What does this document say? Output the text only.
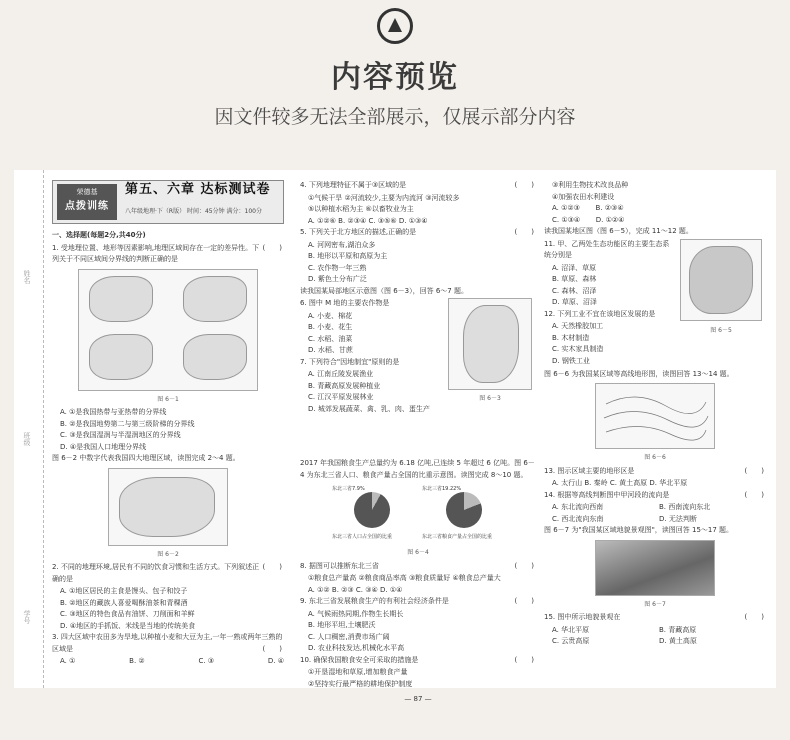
内容预览
因文件较多无法全部展示，仅展示部分内容
姓名
班级
学号
荣德基
点拨训练
第五、六章 达标测试卷
八年级地理·下（R版） 时间：45分钟 满分：100分
一、选择题(每题2分,共40分)
(　　)
1. 受地理位置、地形等因素影响,地理区域间存在一定的差异性。下列关于不同区域间分界线的判断正确的是
图 6－1
A. ①是我国热带与亚热带的分界线
B. ②是我国地势第二与第三级阶梯的分界线
C. ③是我国湿润与半湿润地区的分界线
D. ④是我国人口地理分界线
图 6－2 中数字代表我国四大地理区域，读图完成 2～4 题。
图 6－2
(　　)
2. 不同的地理环境,居民有不同的饮食习惯和生活方式。下列叙述正确的是
A. ①地区居民的主食是馒头、包子和饺子
B. ②地区的藏族人喜爱喝酥油茶和青稞酒
C. ③地区的特色食品有油饼、刀削面和羊鲜
D. ④地区的手抓饭、米线是当地的传统美食
3. 四大区域中农田多为旱地,以种植小麦和大豆为主,一年一熟或两年三熟的区域是	(　　)
A. ①	B. ②	C. ③	D. ④
(　　)
4. 下列地理特征不属于③区域的是
①气候干旱 ②河流较少,主要为内流河 ③河流较多
⑤以种植水稻为主 ⑥以畜牧业为主
A. ①②⑥ B. ②③④ C. ③⑤⑥ D. ①③④
(　　)
5. 下列关于北方地区的描述,正确的是
A. 河网密布,湖泊众多
B. 地形以平原和高原为主
C. 农作物一年三熟
D. 紫色土分布广泛
读我国某局部地区示意图（图 6－3），回答 6～7 题。
6. 图中 M 地的主要农作物是
A. 小麦、棉花
B. 小麦、花生
C. 水稻、油菜
D. 水稻、甘蔗
7. 下列符合"因地制宜"原则的是
A. 江南丘陵发展渔业
B. 青藏高原发展种植业
C. 江汉平原发展林业
D. 城郊发展蔬菜、禽、乳、肉、蛋生产
图 6－3
2017 年我国粮食生产总量约为 6.18 亿吨,已连续 5 年超过 6 亿吨。图 6－4 为东北三省人口、粮食产量占全国的比重示意图。读图完成 8～10 题。
东北三省7.9%	东北三省19.22%
东北三省人口占全国的比重	东北三省粮食产量占全国的比重
图 6－4
(　　)
8. 据图可以推断东北三省
①粮食总产量高 ②粮食商品率高 ③粮食质量好 ④粮食总产量大
A. ①② B. ②③ C. ③④ D. ①④
(　　)
9. 东北三省发展粮食生产的有利社会经济条件是
A. 气候雨热同期,作物生长期长
B. 地形平坦,土壤肥沃
C. 人口稠密,消费市场广阔
D. 农业科技发达,机械化水平高
(　　)
10. 确保我国粮食安全可采取的措施是
①开垦湿地和草原,增加粮食产量
②坚持实行最严格的耕地保护制度
— 87 —
③利用生物技术改良品种
④加强农田水利建设
A. ①②③       B. ②③④
C. ①③④       D. ①②④
读我国某地区图（图 6－5），完成 11～12 题。
11. 甲、乙两处生态功能区的主要生态系统分别是
A. 沼泽、草原
B. 草原、森林
C. 森林、沼泽
D. 草原、沼泽
12. 下列工业不宜在该地区发展的是
A. 天然橡胶加工
B. 木材制造
C. 实木家具制造
D. 钢铁工业
图 6－5
图 6－6 为我国某区域等高线地形图，读图回答 13～14 题。
图 6－6
(　　)
13. 图示区域主要的地形区是
A. 太行山 B. 秦岭 C. 黄土高原 D. 华北平原
(　　)
14. 根据等高线判断图中甲河段的流向是
A. 东北流向西南	B. 西南流向东北
C. 西北流向东南	D. 无法判断
图 6－7 为"我国某区域地貌景观图"，读图回答 15～17 题。
图 6－7
(　　)
15. 图中所示地貌景观在
A. 华北平原	B. 青藏高原
C. 云贵高原	D. 黄土高原
